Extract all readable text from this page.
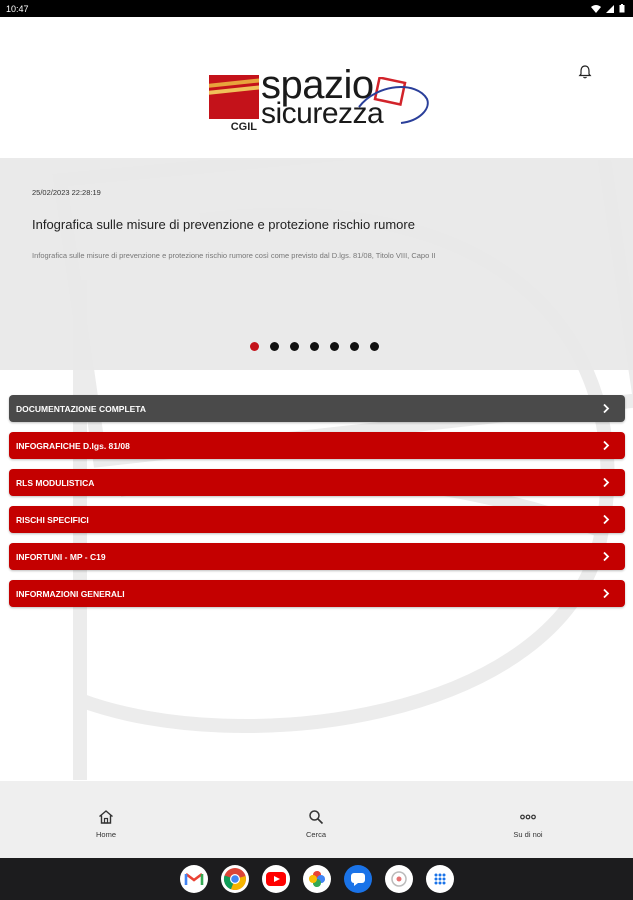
10:47
FILTEM
CGIL
spazio
sicurezza
25/02/2023 22:28:19
Infografica sulle misure di prevenzione e protezione rischio rumore
Infografica sulle misure di prevenzione e protezione rischio rumore così come previsto dal D.lgs. 81/08, Titolo VIII, Capo II
DOCUMENTAZIONE COMPLETA
INFOGRAFICHE D.lgs. 81/08
RLS MODULISTICA
RISCHI SPECIFICI
INFORTUNI - MP - C19
INFORMAZIONI GENERALI
Home	Cerca	Su di noi
